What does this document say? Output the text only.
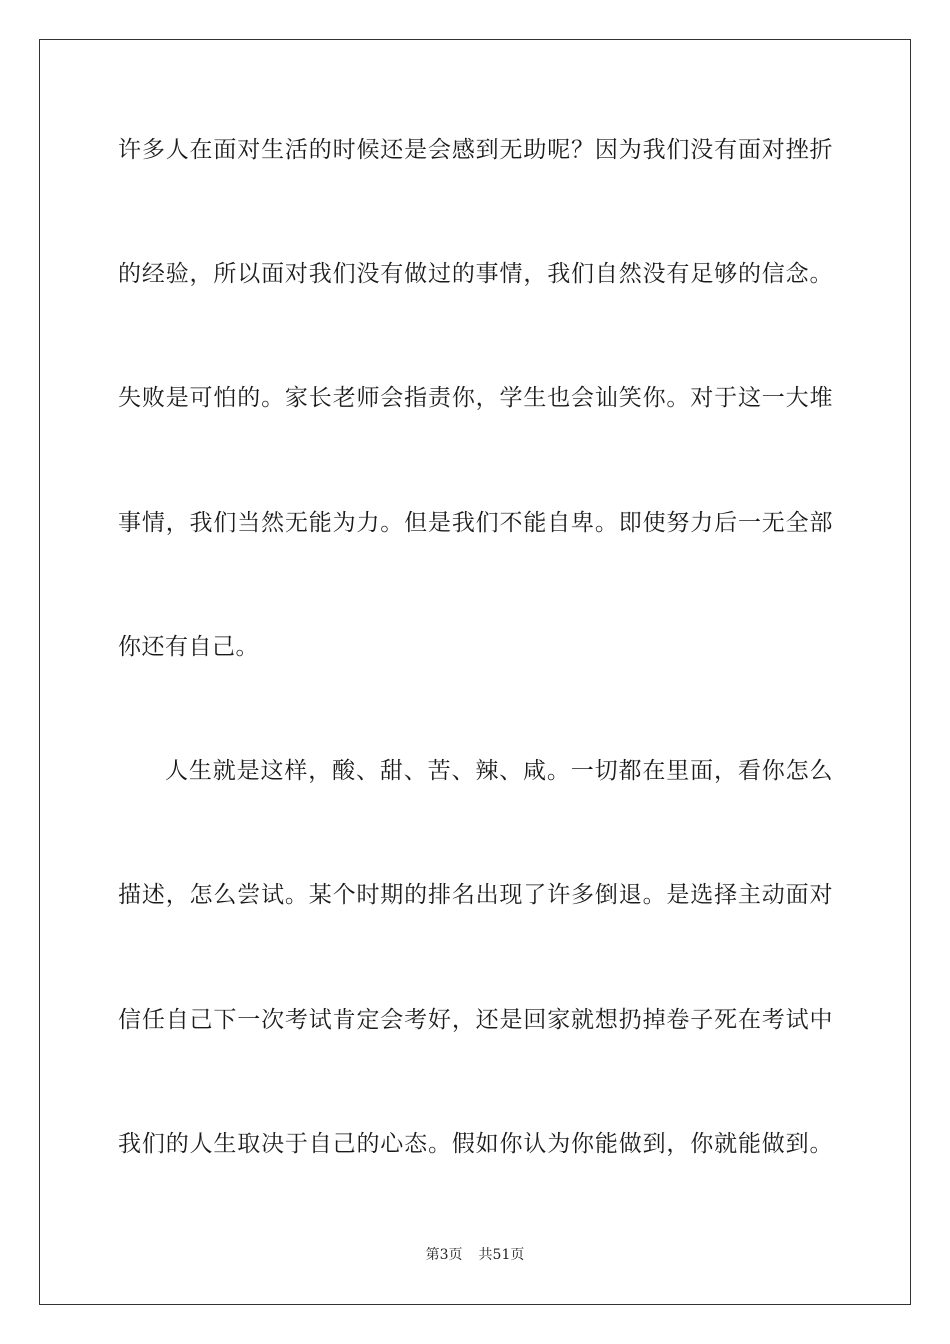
许多人在面对生活的时候还是会感到无助呢？因为我们没有面对挫折
的经验，所以面对我们没有做过的事情，我们自然没有足够的信念。
失败是可怕的。家长老师会指责你，学生也会讪笑你。对于这一大堆
事情，我们当然无能为力。但是我们不能自卑。即使努力后一无全部
你还有自己。
人生就是这样，酸、甜、苦、辣、咸。一切都在里面，看你怎么
描述，怎么尝试。某个时期的排名出现了许多倒退。是选择主动面对
信任自己下一次考试肯定会考好，还是回家就想扔掉卷子死在考试中
我们的人生取决于自己的心态。假如你认为你能做到，你就能做到。
第3页 共51页
